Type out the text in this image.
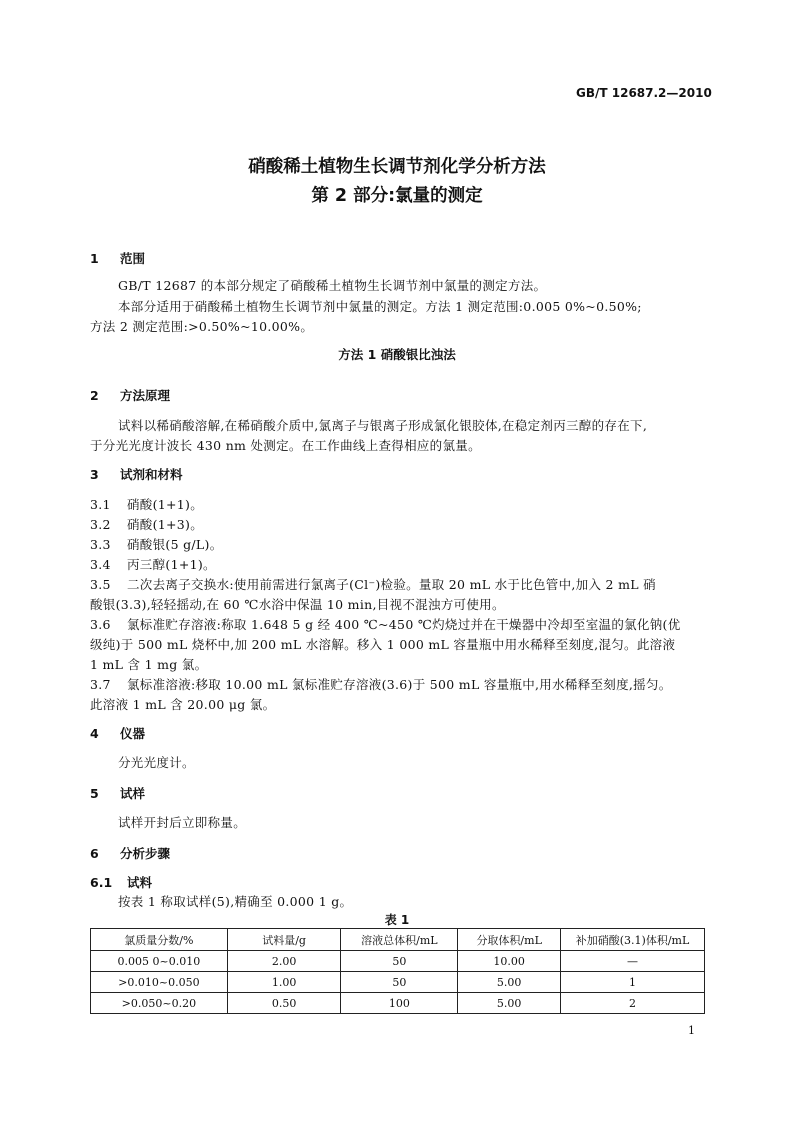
GB/T 12687.2—2010
硝酸稀土植物生长调节剂化学分析方法
第 2 部分:氯量的测定
1 范围
GB/T 12687 的本部分规定了硝酸稀土植物生长调节剂中氯量的测定方法。
本部分适用于硝酸稀土植物生长调节剂中氯量的测定。方法 1 测定范围:0.005 0%~0.50%;
方法 2 测定范围:>0.50%~10.00%。
方法 1 硝酸银比浊法
2 方法原理
试料以稀硝酸溶解,在稀硝酸介质中,氯离子与银离子形成氯化银胶体,在稳定剂丙三醇的存在下,
于分光光度计波长 430 nm 处测定。在工作曲线上查得相应的氯量。
3 试剂和材料
3.1 硝酸(1+1)。
3.2 硝酸(1+3)。
3.3 硝酸银(5 g/L)。
3.4 丙三醇(1+1)。
3.5 二次去离子交换水:使用前需进行氯离子(Cl⁻)检验。量取 20 mL 水于比色管中,加入 2 mL 硝
酸银(3.3),轻轻摇动,在 60 ℃水浴中保温 10 min,目视不混浊方可使用。
3.6 氯标准贮存溶液:称取 1.648 5 g 经 400 ℃~450 ℃灼烧过并在干燥器中冷却至室温的氯化钠(优
级纯)于 500 mL 烧杯中,加 200 mL 水溶解。移入 1 000 mL 容量瓶中用水稀释至刻度,混匀。此溶液
1 mL 含 1 mg 氯。
3.7 氯标准溶液:移取 10.00 mL 氯标准贮存溶液(3.6)于 500 mL 容量瓶中,用水稀释至刻度,摇匀。
此溶液 1 mL 含 20.00 μg 氯。
4 仪器
分光光度计。
5 试样
试样开封后立即称量。
6 分析步骤
6.1 试料
按表 1 称取试样(5),精确至 0.000 1 g。
表 1
氯质量分数/%	试料量/g	溶液总体积/mL	分取体积/mL	补加硝酸(3.1)体积/mL
0.005 0~0.010	2.00	50	10.00	—
>0.010~0.050	1.00	50	5.00	1
>0.050~0.20	0.50	100	5.00	2
1
